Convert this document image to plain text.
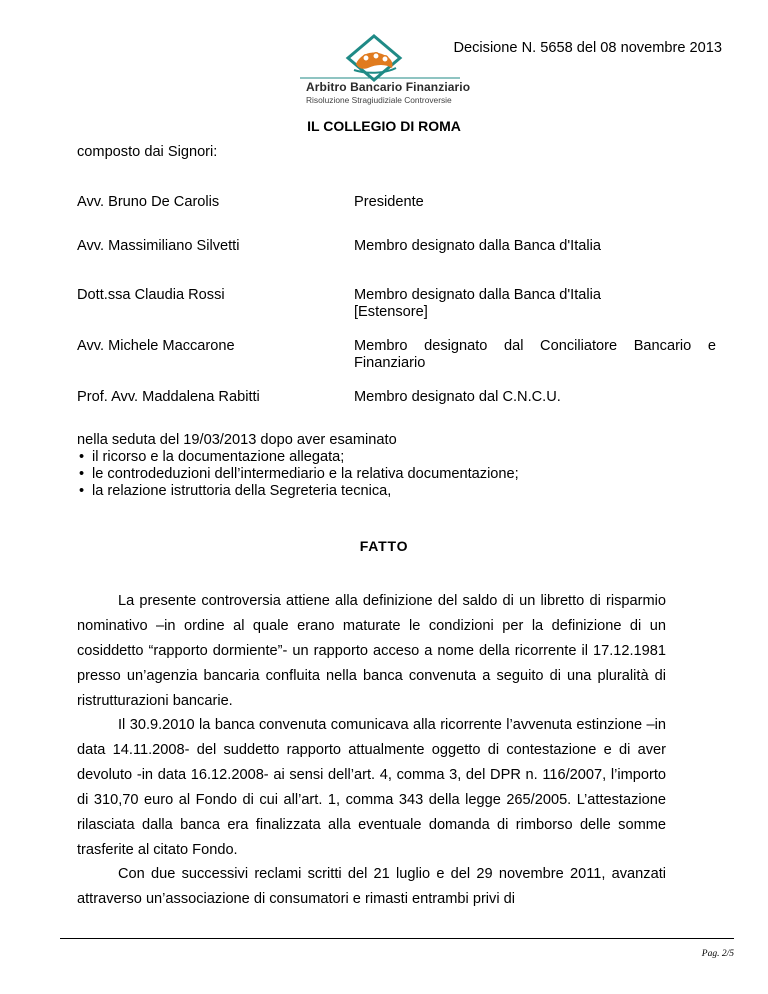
Decisione N. 5658 del 08 novembre 2013
Arbitro Bancario Finanziario
Risoluzione Stragiudiziale Controversie
IL COLLEGIO DI ROMA
composto dai Signori:
Avv. Bruno De Carolis	Presidente
Avv. Massimiliano Silvetti	Membro designato dalla Banca d'Italia
Dott.ssa Claudia Rossi	Membro designato dalla Banca d'Italia
[Estensore]
Avv. Michele Maccarone	Membro designato dal Conciliatore Bancario e
Finanziario
Prof. Avv. Maddalena Rabitti	Membro designato dal C.N.C.U.
nella seduta del 19/03/2013 dopo aver esaminato
• il ricorso e la documentazione allegata;
• le controdeduzioni dell’intermediario e la relativa documentazione;
• la relazione istruttoria della Segreteria tecnica,
FATTO
La presente controversia attiene alla definizione del saldo di un libretto di risparmio nominativo –in ordine al quale erano maturate le condizioni per la definizione di un cosiddetto “rapporto dormiente”- un rapporto acceso a nome della ricorrente il 17.12.1981 presso un’agenzia bancaria confluita nella banca convenuta a seguito di una pluralità di ristrutturazioni bancarie.
Il 30.9.2010 la banca convenuta comunicava alla ricorrente l’avvenuta estinzione –in data 14.11.2008- del suddetto rapporto attualmente oggetto di contestazione e di aver devoluto -in data 16.12.2008- ai sensi dell’art. 4, comma 3, del DPR n. 116/2007, l’importo di 310,70 euro al Fondo di cui all’art. 1, comma 343 della legge 265/2005. L’attestazione rilasciata dalla banca era finalizzata alla eventuale domanda di rimborso delle somme trasferite al citato Fondo.
Con due successivi reclami scritti del 21 luglio e del 29 novembre 2011, avanzati attraverso un’associazione di consumatori e rimasti entrambi privi di
Pag. 2/5
